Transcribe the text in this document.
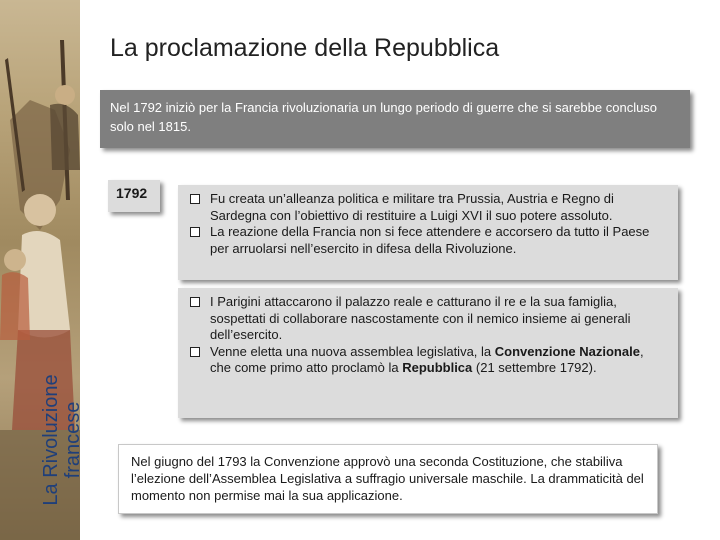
La Rivoluzione francese
La proclamazione della Repubblica
Nel 1792 iniziò per la Francia rivoluzionaria un lungo periodo di guerre che si sarebbe concluso solo nel 1815.
1792	Fu creata un’alleanza politica e militare tra Prussia, Austria e Regno di Sardegna con l’obiettivo di restituire a Luigi XVI il suo potere assoluto.
La reazione della Francia non si fece attendere e accorsero da tutto il Paese per arruolarsi nell’esercito in difesa della Rivoluzione.
I Parigini attaccarono il palazzo reale e catturano il re e la sua famiglia, sospettati di collaborare nascostamente con il nemico insieme ai generali dell’esercito.
Venne eletta una nuova assemblea legislativa, la Convenzione Nazionale, che come primo atto proclamò la Repubblica (21 settembre 1792).
Nel giugno del 1793 la Convenzione approvò una seconda Costituzione, che stabiliva l’elezione dell’Assemblea Legislativa a suffragio universale maschile. La drammaticità del momento non permise mai la sua applicazione.
